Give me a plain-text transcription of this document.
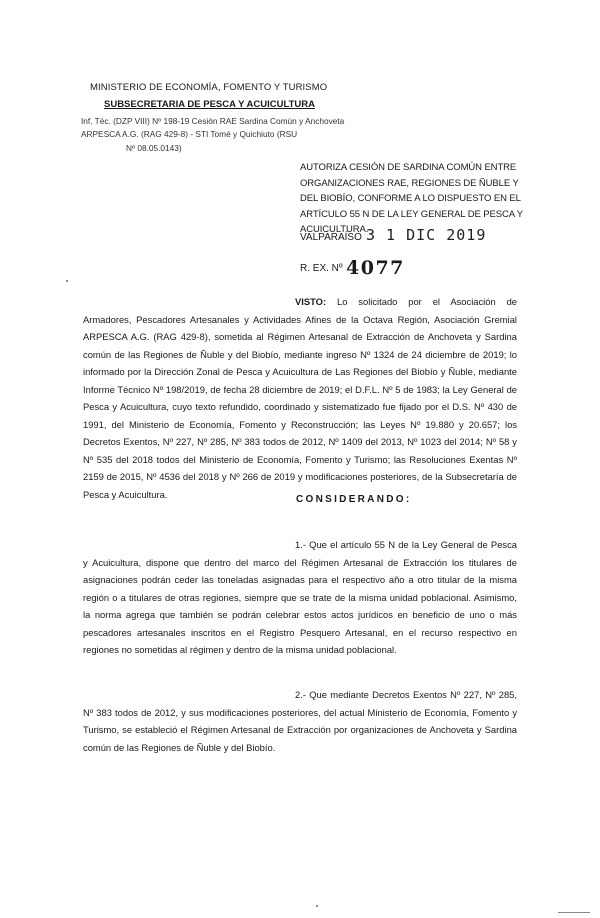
MINISTERIO DE ECONOMÍA, FOMENTO Y TURISMO
SUBSECRETARIA DE PESCA Y ACUICULTURA
Inf. Téc. (DZP VIII) Nº 198-19 Cesión RAE Sardina Común y Anchoveta
ARPESCA A.G. (RAG 429-8) - STI Tomé y Quichiuto (RSU
Nº 08.05.0143)
AUTORIZA CESIÓN DE SARDINA COMÚN ENTRE ORGANIZACIONES RAE, REGIONES DE ÑUBLE Y DEL BIOBÍO, CONFORME A LO DISPUESTO EN EL ARTÍCULO 55 N DE LA LEY GENERAL DE PESCA Y ACUICULTURA.
VALPARAÍSO 3 1 DIC 2019
R. EX. Nº 4077
VISTO: Lo solicitado por el Asociación de Armadores, Pescadores Artesanales y Actividades Afines de la Octava Región, Asociación Gremial ARPESCA A.G. (RAG 429-8), sometida al Régimen Artesanal de Extracción de Anchoveta y Sardina común de las Regiones de Ñuble y del Biobío, mediante ingreso Nº 1324 de 24 diciembre de 2019; lo informado por la Dirección Zonal de Pesca y Acuicultura de Las Regiones del Biobío y Ñuble, mediante Informe Técnico Nº 198/2019, de fecha 28 diciembre de 2019; el D.F.L. Nº 5 de 1983; la Ley General de Pesca y Acuicultura, cuyo texto refundido, coordinado y sistematizado fue fijado por el D.S. Nº 430 de 1991, del Ministerio de Economía, Fomento y Reconstrucción; las Leyes Nº 19.880 y 20.657; los Decretos Exentos, Nº 227, Nº 285, Nº 383 todos de 2012, Nº 1409 del 2013, Nº 1023 del 2014; Nº 58 y Nº 535 del 2018 todos del Ministerio de Economía, Fomento y Turismo; las Resoluciones Exentas Nº 2159 de 2015, Nº 4536 del 2018 y Nº 266 de 2019 y modificaciones posteriores, de la Subsecretaría de Pesca y Acuicultura.	CONSIDERANDO:
1.- Que el artículo 55 N de la Ley General de Pesca y Acuicultura, dispone que dentro del marco del Régimen Artesanal de Extracción los titulares de asignaciones podrán ceder las toneladas asignadas para el respectivo año a otro titular de la misma región o a titulares de otras regiones, siempre que se trate de la misma unidad poblacional. Asimismo, la norma agrega que también se podrán celebrar estos actos jurídicos en beneficio de uno o más pescadores artesanales inscritos en el Registro Pesquero Artesanal, en el recurso respectivo en regiones no sometidas al régimen y dentro de la misma unidad poblacional.
2.- Que mediante Decretos Exentos Nº 227, Nº 285, Nº 383 todos de 2012, y sus modificaciones posteriores, del actual Ministerio de Economía, Fomento y Turismo, se estableció el Régimen Artesanal de Extracción por organizaciones de Anchoveta y Sardina común de las Regiones de Ñuble y del Biobío.
